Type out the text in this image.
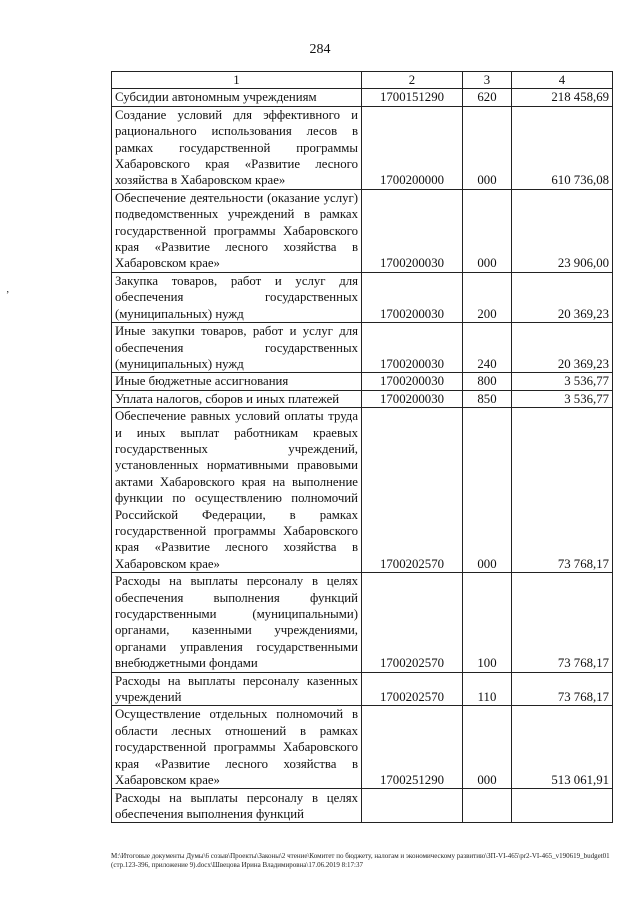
284
’
1	2	3	4
Субсидии автономным учреждениям	1700151290	620	218 458,69
Создание условий для эффективного и рационального использования лесов в рамках государственной программы Хабаровского края «Развитие лесного хозяйства в Хабаровском крае»	1700200000	000	610 736,08
Обеспечение деятельности (оказание услуг) подведомственных учреждений в рамках государственной программы Хабаровского края «Развитие лесного хозяйства в Хабаровском крае»	1700200030	000	23 906,00
Закупка товаров, работ и услуг для обеспечения государственных (муниципальных) нужд	1700200030	200	20 369,23
Иные закупки товаров, работ и услуг для обеспечения государственных (муниципальных) нужд	1700200030	240	20 369,23
Иные бюджетные ассигнования	1700200030	800	3 536,77
Уплата налогов, сборов и иных платежей	1700200030	850	3 536,77
Обеспечение равных условий оплаты труда и иных выплат работникам краевых государственных учреждений, установленных нормативными правовыми актами Хабаровского края на выполнение функции по осуществлению полномочий Российской Федерации, в рамках государственной программы Хабаровского края «Развитие лесного хозяйства в Хабаровском крае»	1700202570	000	73 768,17
Расходы на выплаты персоналу в целях обеспечения выполнения функций государственными (муниципальными) органами, казенными учреждениями, органами управления государственными внебюджетными фондами	1700202570	100	73 768,17
Расходы на выплаты персоналу казенных учреждений	1700202570	110	73 768,17
Осуществление отдельных полномочий в области лесных отношений в рамках государственной программы Хабаровского края «Развитие лесного хозяйства в Хабаровском крае»	1700251290	000	513 061,91
Расходы на выплаты персоналу в целях обеспечения выполнения функций			
М:\Итоговые документы Думы\6 созыв\Проекты\Законы\2 чтение\Комитет по бюджету, налогам и экономическому развитию\ЗП-VI-465\pr2-VI-465_v190619_budget01 (стр.123-396, приложение 9).docx\Швецова Ирина Владимировна\17.06.2019 8:17:37
